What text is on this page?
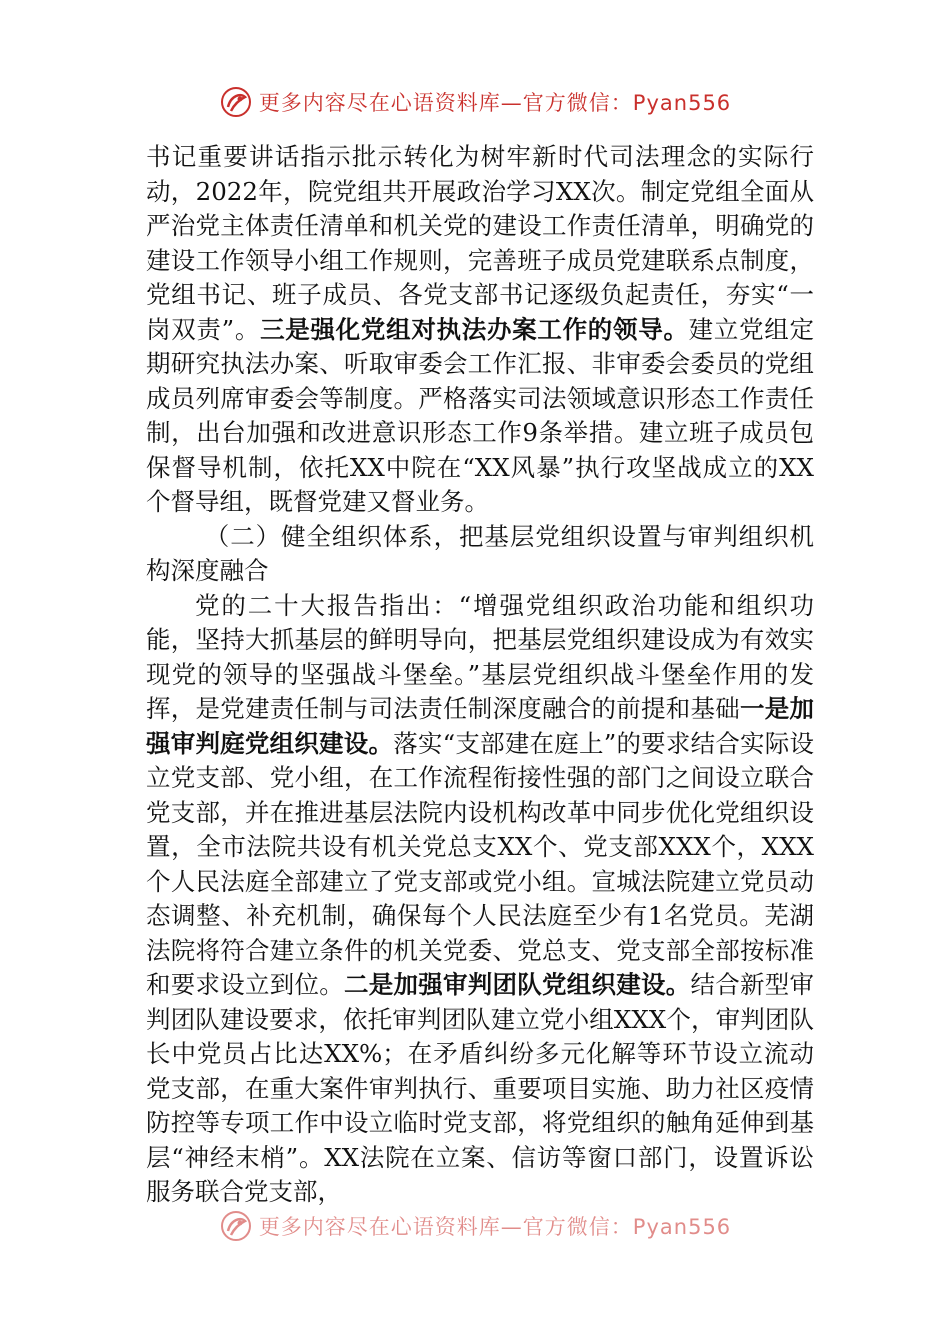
更多内容尽在心语资料库—官方微信：Pyan556

书记重要讲话指示批示转化为树牢新时代司法理念的实际行动，2022年，院党组共开展政治学习XX次。制定党组全面从严治党主体责任清单和机关党的建设工作责任清单，明确党的建设工作领导小组工作规则，完善班子成员党建联系点制度，党组书记、班子成员、各党支部书记逐级负起责任，夯实“一岗双责”。三是强化党组对执法办案工作的领导。建立党组定期研究执法办案、听取审委会工作汇报、非审委会委员的党组成员列席审委会等制度。严格落实司法领域意识形态工作责任制，出台加强和改进意识形态工作9条举措。建立班子成员包保督导机制，依托XX中院在“XX风暴”执行攻坚战成立的XX个督导组，既督党建又督业务。

（二）健全组织体系，把基层党组织设置与审判组织机构深度融合

党的二十大报告指出：“增强党组织政治功能和组织功能，坚持大抓基层的鲜明导向，把基层党组织建设成为有效实现党的领导的坚强战斗堡垒。”基层党组织战斗堡垒作用的发挥，是党建责任制与司法责任制深度融合的前提和基础一是加强审判庭党组织建设。落实“支部建在庭上”的要求结合实际设立党支部、党小组，在工作流程衔接性强的部门之间设立联合党支部，并在推进基层法院内设机构改革中同步优化党组织设置，全市法院共设有机关党总支XX个、党支部XXX个，XXX个人民法庭全部建立了党支部或党小组。宣城法院建立党员动态调整、补充机制，确保每个人民法庭至少有1名党员。芜湖法院将符合建立条件的机关党委、党总支、党支部全部按标准和要求设立到位。二是加强审判团队党组织建设。结合新型审判团队建设要求，依托审判团队建立党小组XXX个，审判团队长中党员占比达XX%；在矛盾纠纷多元化解等环节设立流动党支部，在重大案件审判执行、重要项目实施、助力社区疫情防控等专项工作中设立临时党支部，将党组织的触角延伸到基层“神经末梢”。XX法院在立案、信访等窗口部门，设置诉讼服务联合党支部，

更多内容尽在心语资料库—官方微信：Pyan556
